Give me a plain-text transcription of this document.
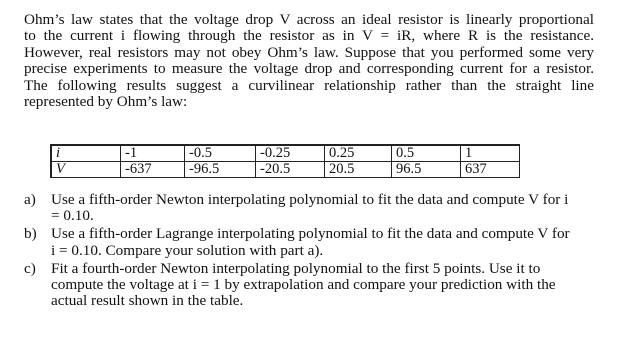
Ohm’s law states that the voltage drop V across an ideal resistor is linearly proportional
to the current i flowing through the resistor as in V = iR, where R is the resistance.
However, real resistors may not obey Ohm’s law. Suppose that you performed some very
precise experiments to measure the voltage drop and corresponding current for a resistor.
The following results suggest a curvilinear relationship rather than the straight line
represented by Ohm’s law:
i	-1	-0.5	-0.25	0.25	0.5	1
V	-637	-96.5	-20.5	20.5	96.5	637
a) Use a fifth-order Newton interpolating polynomial to fit the data and compute V for i
= 0.10.
b) Use a fifth-order Lagrange interpolating polynomial to fit the data and compute V for
i = 0.10. Compare your solution with part a).
c) Fit a fourth-order Newton interpolating polynomial to the first 5 points. Use it to
compute the voltage at i = 1 by extrapolation and compare your prediction with the
actual result shown in the table.
